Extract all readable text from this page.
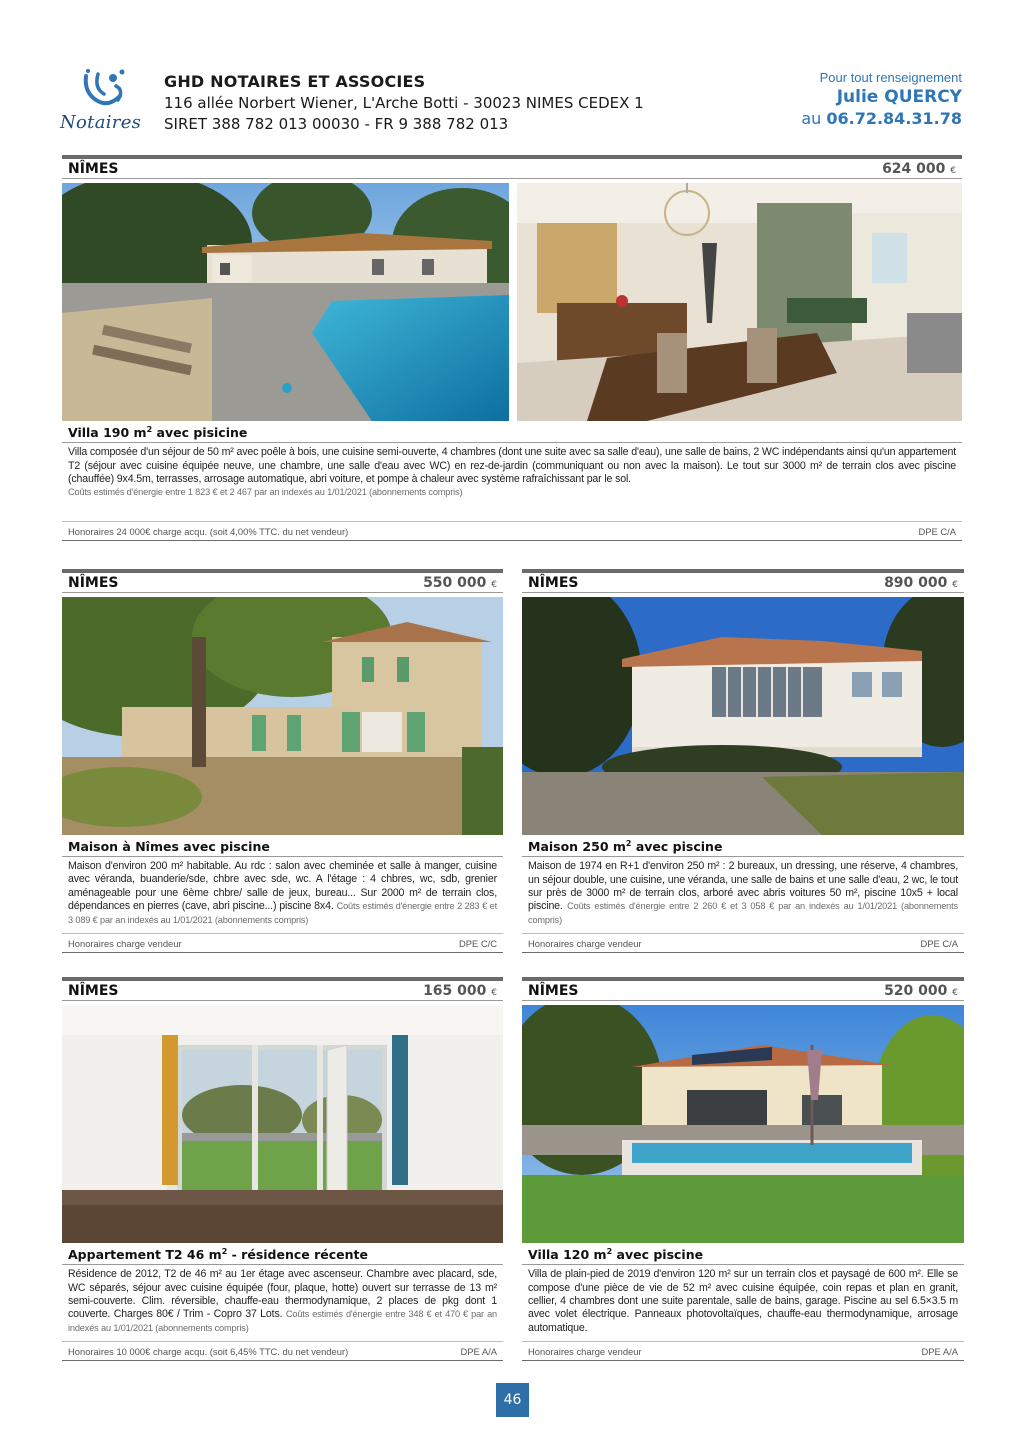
Notaires
GHD NOTAIRES ET ASSOCIES
116 allée Norbert Wiener, L'Arche Botti - 30023 NIMES CEDEX 1
SIRET 388 782 013 00030 - FR 9 388 782 013
Pour tout renseignement
Julie QUERCY
au 06.72.84.31.78
NÎMES	624 000 €
Villa 190 $m^2$ avec pisicine
Villa composée d'un séjour de 50 m² avec poêle à bois, une cuisine semi-ouverte, 4 chambres (dont une suite avec sa salle d'eau), une salle de bains, 2 WC indépendants ainsi qu'un appartement T2 (séjour avec cuisine équipée neuve, une chambre, une salle d'eau avec WC) en rez-de-jardin (communiquant ou non avec la maison). Le tout sur 3000 m² de terrain clos avec piscine (chauffée) 9x4.5m, terrasses, arrosage automatique, abri voiture, et pompe à chaleur avec système rafraîchissant par le sol.
Coûts estimés d'énergie entre 1 823 € et 2 467 par an indexés au 1/01/2021 (abonnements compris)
Honoraires 24 000€ charge acqu. (soit 4,00% TTC. du net vendeur)	DPE C/A
NÎMES	550 000 €
Maison à Nîmes avec piscine
Maison d'environ 200 m² habitable. Au rdc : salon avec cheminée et salle à manger, cuisine avec véranda, buanderie/sde, chbre avec sde, wc. A l'étage : 4 chbres, wc, sdb, grenier aménageable pour une 6ème chbre/ salle de jeux, bureau... Sur 2000 m² de terrain clos, dépendances en pierres (cave, abri piscine...) piscine 8x4. Coûts estimés d'énergie entre 2 283 € et 3 089 € par an indexés au 1/01/2021 (abonnements compris)
Honoraires charge vendeur	DPE C/C
NÎMES	890 000 €
Maison 250 $m^2$ avec piscine
Maison de 1974 en R+1 d'environ 250 m² : 2 bureaux, un dressing, une réserve, 4 chambres, un séjour double, une cuisine, une véranda, une salle de bains et une salle d'eau, 2 wc, le tout sur près de 3000 m² de terrain clos, arboré avec abris voitures 50 m², piscine 10x5 + local piscine. Coûts estimés d'énergie entre 2 260 € et 3 058 € par an indexés au 1/01/2021 (abonnements compris)
Honoraires charge vendeur	DPE C/A
NÎMES	165 000 €
Appartement T2 46 $m^2$ - résidence récente
Résidence de 2012, T2 de 46 m² au 1er étage avec ascenseur. Chambre avec placard, sde, WC séparés, séjour avec cuisine équipée (four, plaque, hotte) ouvert sur terrasse de 13 m² semi-couverte. Clim. réversible, chauffe-eau thermodynamique, 2 places de pkg dont 1 couverte. Charges 80€ / Trim - Copro 37 Lots. Coûts estimés d'énergie entre 348 € et 470 € par an indexés au 1/01/2021 (abonnements compris)
Honoraires 10 000€ charge acqu. (soit 6,45% TTC. du net vendeur)	DPE A/A
NÎMES	520 000 €
Villa 120 $m^2$ avec piscine
Villa de plain-pied de 2019 d'environ 120 m² sur un terrain clos et paysagé de 600 m². Elle se compose d'une pièce de vie de 52 m² avec cuisine équipée, coin repas et plan en granit, cellier, 4 chambres dont une suite parentale, salle de bains, garage. Piscine au sel 6.5×3.5 m avec volet électrique. Panneaux photovoltaïques, chauffe-eau thermodynamique, arrosage automatique.
Honoraires charge vendeur	DPE A/A
46
